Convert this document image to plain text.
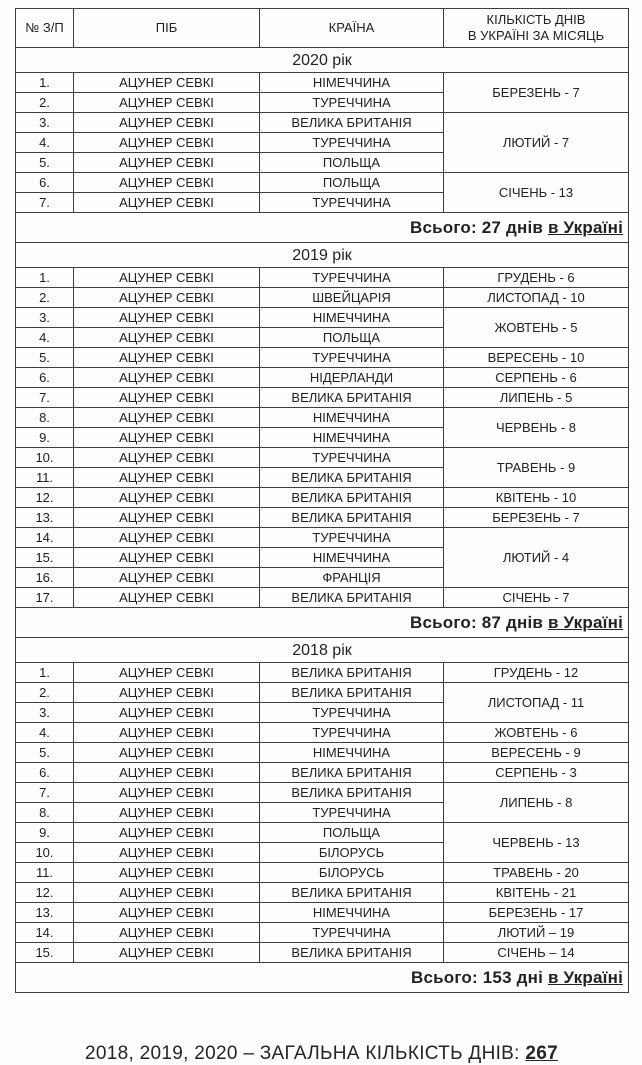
№ З/П	ПІБ	КРАЇНА	КІЛЬКІСТЬ ДНІВ
В УКРАЇНІ ЗА МІСЯЦЬ
2020 рік			
1.	АЦУНЕР СЕВКІ	НІМЕЧЧИНА	БЕРЕЗЕНЬ - 7
2.	АЦУНЕР СЕВКІ	ТУРЕЧЧИНА	
3.	АЦУНЕР СЕВКІ	ВЕЛИКА БРИТАНІЯ	ЛЮТИЙ - 7
4.	АЦУНЕР СЕВКІ	ТУРЕЧЧИНА	
5.	АЦУНЕР СЕВКІ	ПОЛЬЩА	
6.	АЦУНЕР СЕВКІ	ПОЛЬЩА	СІЧЕНЬ - 13
7.	АЦУНЕР СЕВКІ	ТУРЕЧЧИНА	
Всього: 27 днів в Україні			
2019 рік			
1.	АЦУНЕР СЕВКІ	ТУРЕЧЧИНА	ГРУДЕНЬ - 6
2.	АЦУНЕР СЕВКІ	ШВЕЙЦАРІЯ	ЛИСТОПАД - 10
3.	АЦУНЕР СЕВКІ	НІМЕЧЧИНА	ЖОВТЕНЬ - 5
4.	АЦУНЕР СЕВКІ	ПОЛЬЩА	
5.	АЦУНЕР СЕВКІ	ТУРЕЧЧИНА	ВЕРЕСЕНЬ - 10
6.	АЦУНЕР СЕВКІ	НІДЕРЛАНДИ	СЕРПЕНЬ - 6
7.	АЦУНЕР СЕВКІ	ВЕЛИКА БРИТАНІЯ	ЛИПЕНЬ - 5
8.	АЦУНЕР СЕВКІ	НІМЕЧЧИНА	ЧЕРВЕНЬ - 8
9.	АЦУНЕР СЕВКІ	НІМЕЧЧИНА	
10.	АЦУНЕР СЕВКІ	ТУРЕЧЧИНА	ТРАВЕНЬ - 9
11.	АЦУНЕР СЕВКІ	ВЕЛИКА БРИТАНІЯ	
12.	АЦУНЕР СЕВКІ	ВЕЛИКА БРИТАНІЯ	КВІТЕНЬ - 10
13.	АЦУНЕР СЕВКІ	ВЕЛИКА БРИТАНІЯ	БЕРЕЗЕНЬ - 7
14.	АЦУНЕР СЕВКІ	ТУРЕЧЧИНА	ЛЮТИЙ - 4
15.	АЦУНЕР СЕВКІ	НІМЕЧЧИНА	
16.	АЦУНЕР СЕВКІ	ФРАНЦІЯ	
17.	АЦУНЕР СЕВКІ	ВЕЛИКА БРИТАНІЯ	СІЧЕНЬ - 7
Всього: 87 днів в Україні			
2018 рік			
1.	АЦУНЕР СЕВКІ	ВЕЛИКА БРИТАНІЯ	ГРУДЕНЬ - 12
2.	АЦУНЕР СЕВКІ	ВЕЛИКА БРИТАНІЯ	ЛИСТОПАД - 11
3.	АЦУНЕР СЕВКІ	ТУРЕЧЧИНА	
4.	АЦУНЕР СЕВКІ	ТУРЕЧЧИНА	ЖОВТЕНЬ - 6
5.	АЦУНЕР СЕВКІ	НІМЕЧЧИНА	ВЕРЕСЕНЬ - 9
6.	АЦУНЕР СЕВКІ	ВЕЛИКА БРИТАНІЯ	СЕРПЕНЬ - 3
7.	АЦУНЕР СЕВКІ	ВЕЛИКА БРИТАНІЯ	ЛИПЕНЬ - 8
8.	АЦУНЕР СЕВКІ	ТУРЕЧЧИНА	
9.	АЦУНЕР СЕВКІ	ПОЛЬЩА	ЧЕРВЕНЬ - 13
10.	АЦУНЕР СЕВКІ	БІЛОРУСЬ	
11.	АЦУНЕР СЕВКІ	БІЛОРУСЬ	ТРАВЕНЬ - 20
12.	АЦУНЕР СЕВКІ	ВЕЛИКА БРИТАНІЯ	КВІТЕНЬ - 21
13.	АЦУНЕР СЕВКІ	НІМЕЧЧИНА	БЕРЕЗЕНЬ - 17
14.	АЦУНЕР СЕВКІ	ТУРЕЧЧИНА	ЛЮТИЙ – 19
15.	АЦУНЕР СЕВКІ	ВЕЛИКА БРИТАНІЯ	СІЧЕНЬ – 14
Всього: 153 дні в Україні			
2018, 2019, 2020 – ЗАГАЛЬНА КІЛЬКІСТЬ ДНІВ: 267
